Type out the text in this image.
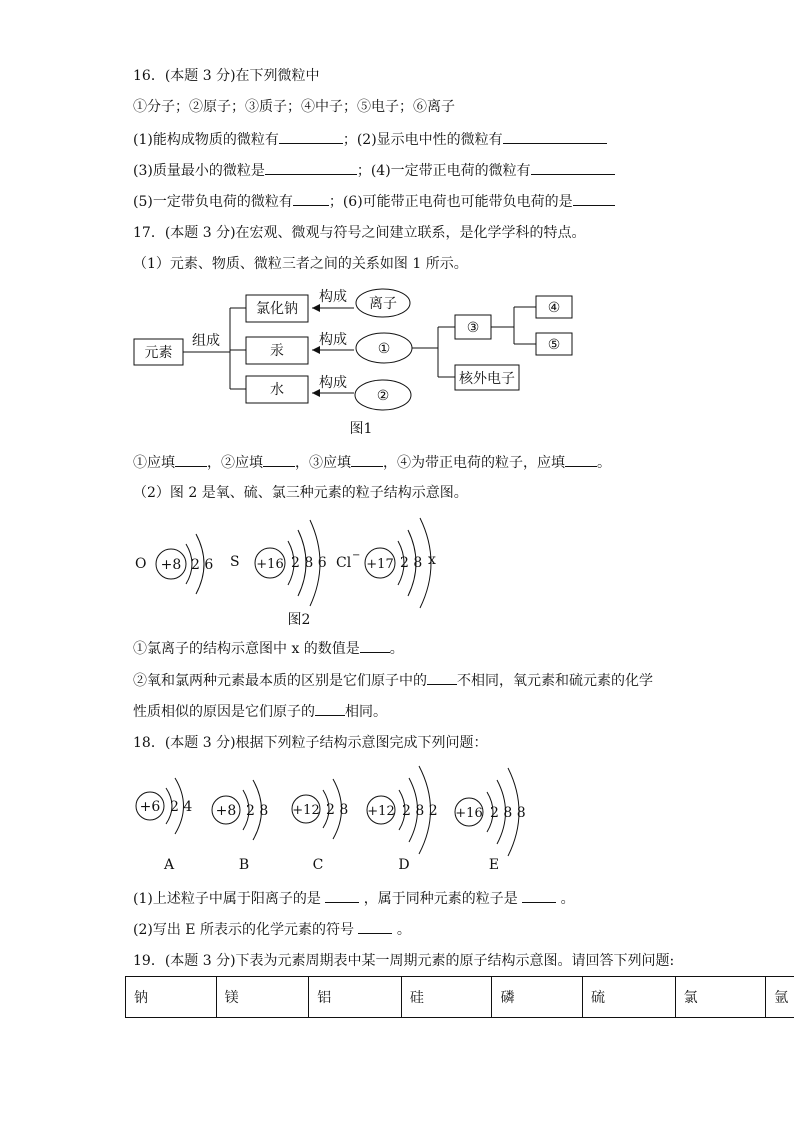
16．(本题 3 分)在下列微粒中
①分子；②原子；③质子；④中子；⑤电子；⑥离子
(1)能构成物质的微粒有	；(2)显示电中性的微粒有
(3)质量最小的微粒是	；(4)一定带正电荷的微粒有
(5)一定带负电荷的微粒有	；(6)可能带正电荷也可能带负电荷的是
17．(本题 3 分)在宏观、微观与符号之间建立联系，是化学学科的特点。
（1）元素、物质、微粒三者之间的关系如图 1 所示。
元素
组成
氯化钠
汞
水
构成
构成
构成
离子
①
②
③
核外电子
④
⑤
图1
①应填 ，②应填 ，③应填 ，④为带正电荷的粒子，应填 。
（2）图 2 是氧、硫、氯三种元素的粒子结构示意图。
O +8 2 6 S +16 2 8 6 Cl −
+17 2 8 x
图2
①氯离子的结构示意图中 x 的数值是 。
②氧和氯两种元素最本质的区别是它们原子中的 不相同，氧元素和硫元素的化学
性质相似的原因是它们原子的 相同。
18．(本题 3 分)根据下列粒子结构示意图完成下列问题：
+6 2 4 +8 2 8 +12 2 8 +12 2 8 2 +16 2 8 8
A	B	C	D	E
(1)上述粒子中属于阳离子的是	，属于同种元素的粒子是	。
(2)写出 E 所表示的化学元素的符号	。
19．(本题 3 分)下表为元素周期表中某一周期元素的原子结构示意图。请回答下列问题:
钠	镁	铝	硅	磷	硫	氯	氩
